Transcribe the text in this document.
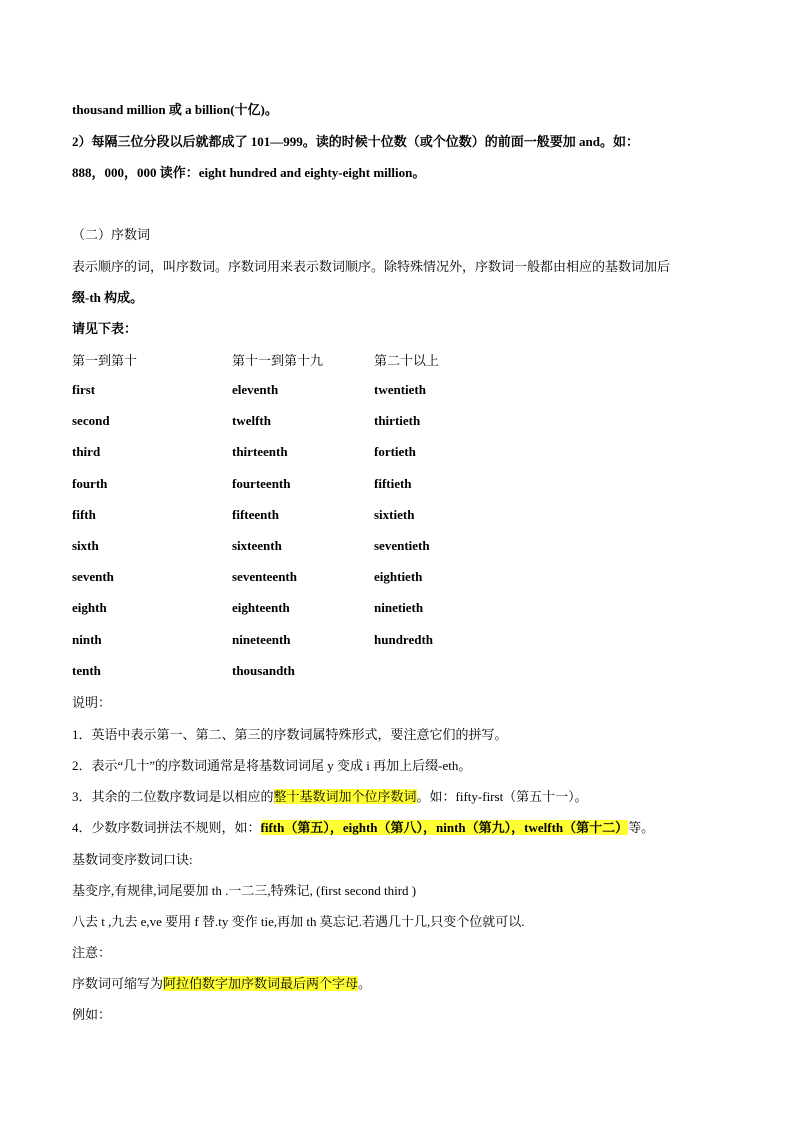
thousand million 或 a billion(十亿)。
2）每隔三位分段以后就都成了 101—999。读的时候十位数（或个位数）的前面一般要加 and。如：
888，000，000 读作：eight hundred and eighty-eight million。
（二）序数词
表示顺序的词，叫序数词。序数词用来表示数词顺序。除特殊情况外，序数词一般都由相应的基数词加后
缀-th 构成。
请见下表：
第一到第十	第十一到第十九	第二十以上
first	eleventh	twentieth
second	twelfth	thirtieth
third	thirteenth	fortieth
fourth	fourteenth	fiftieth
fifth	fifteenth	sixtieth
sixth	sixteenth	seventieth
seventh	seventeenth	eightieth
eighth	eighteenth	ninetieth
ninth	nineteenth	hundredth
tenth	thousandth
说明：
1．英语中表示第一、第二、第三的序数词属特殊形式，要注意它们的拼写。
2．表示“几十”的序数词通常是将基数词词尾 y 变成 i 再加上后缀-eth。
3．其余的二位数序数词是以相应的整十基数词加个位序数词。如：fifty-first（第五十一）。
4．少数序数词拼法不规则，如：fifth（第五），eighth（第八），ninth（第九），twelfth（第十二）等。
基数词变序数词口诀:
基变序,有规律,词尾要加 th .一二三,特殊记, (first second third )
八去 t ,九去 e,ve 要用 f 替.ty 变作 tie,再加 th 莫忘记.若遇几十几,只变个位就可以.
注意：
序数词可缩写为阿拉伯数字加序数词最后两个字母。
例如：
